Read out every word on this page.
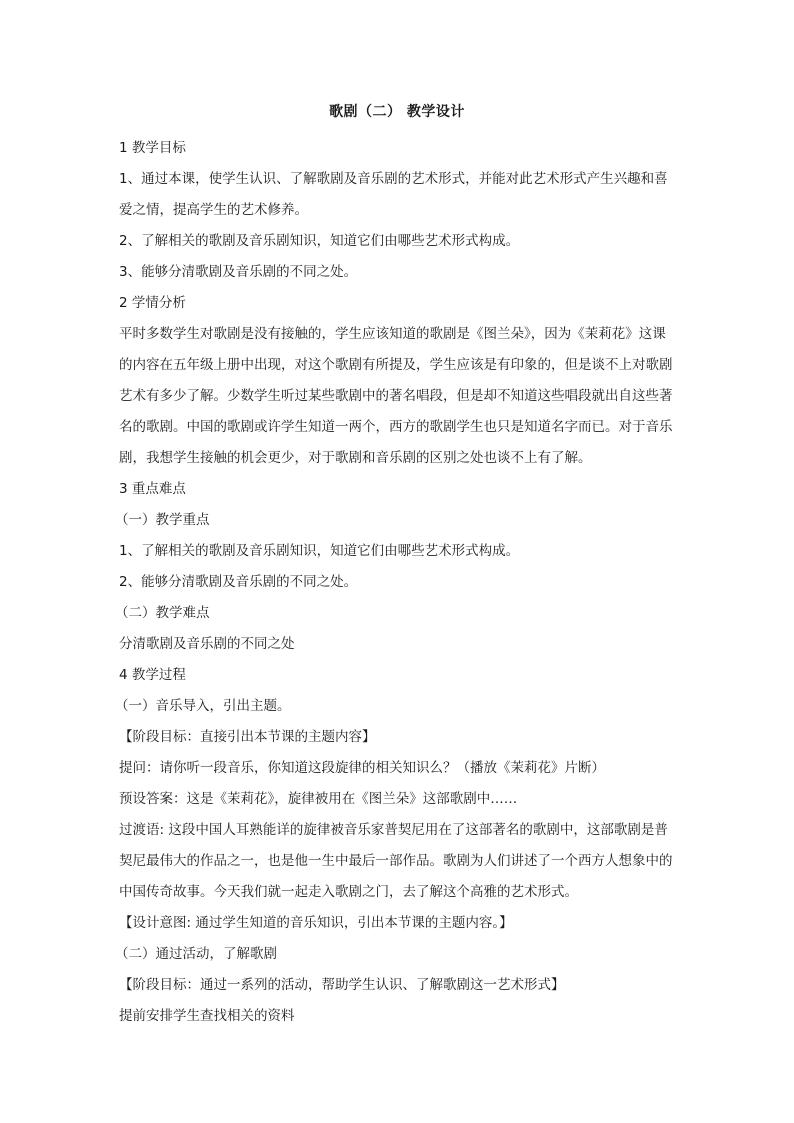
歌剧（二） 教学设计

1 教学目标

1、通过本课，使学生认识、了解歌剧及音乐剧的艺术形式，并能对此艺术形式产生兴趣和喜爱之情，提高学生的艺术修养。

2、了解相关的歌剧及音乐剧知识，知道它们由哪些艺术形式构成。

3、能够分清歌剧及音乐剧的不同之处。

2 学情分析

平时多数学生对歌剧是没有接触的，学生应该知道的歌剧是《图兰朵》，因为《茉莉花》这课的内容在五年级上册中出现，对这个歌剧有所提及，学生应该是有印象的，但是谈不上对歌剧艺术有多少了解。少数学生听过某些歌剧中的著名唱段，但是却不知道这些唱段就出自这些著名的歌剧。中国的歌剧或许学生知道一两个，西方的歌剧学生也只是知道名字而已。对于音乐剧，我想学生接触的机会更少，对于歌剧和音乐剧的区别之处也谈不上有了解。

3 重点难点

（一）教学重点

1、了解相关的歌剧及音乐剧知识，知道它们由哪些艺术形式构成。

2、能够分清歌剧及音乐剧的不同之处。

（二）教学难点

分清歌剧及音乐剧的不同之处

4 教学过程

（一）音乐导入，引出主题。

【阶段目标：直接引出本节课的主题内容】

提问：请你听一段音乐，你知道这段旋律的相关知识么？（播放《茉莉花》片断）

预设答案：这是《茉莉花》，旋律被用在《图兰朵》这部歌剧中……

过渡语: 这段中国人耳熟能详的旋律被音乐家普契尼用在了这部著名的歌剧中，这部歌剧是普契尼最伟大的作品之一，也是他一生中最后一部作品。歌剧为人们讲述了一个西方人想象中的中国传奇故事。今天我们就一起走入歌剧之门，去了解这个高雅的艺术形式。

【设计意图: 通过学生知道的音乐知识，引出本节课的主题内容。】

（二）通过活动，了解歌剧

【阶段目标：通过一系列的活动，帮助学生认识、了解歌剧这一艺术形式】

提前安排学生查找相关的资料
